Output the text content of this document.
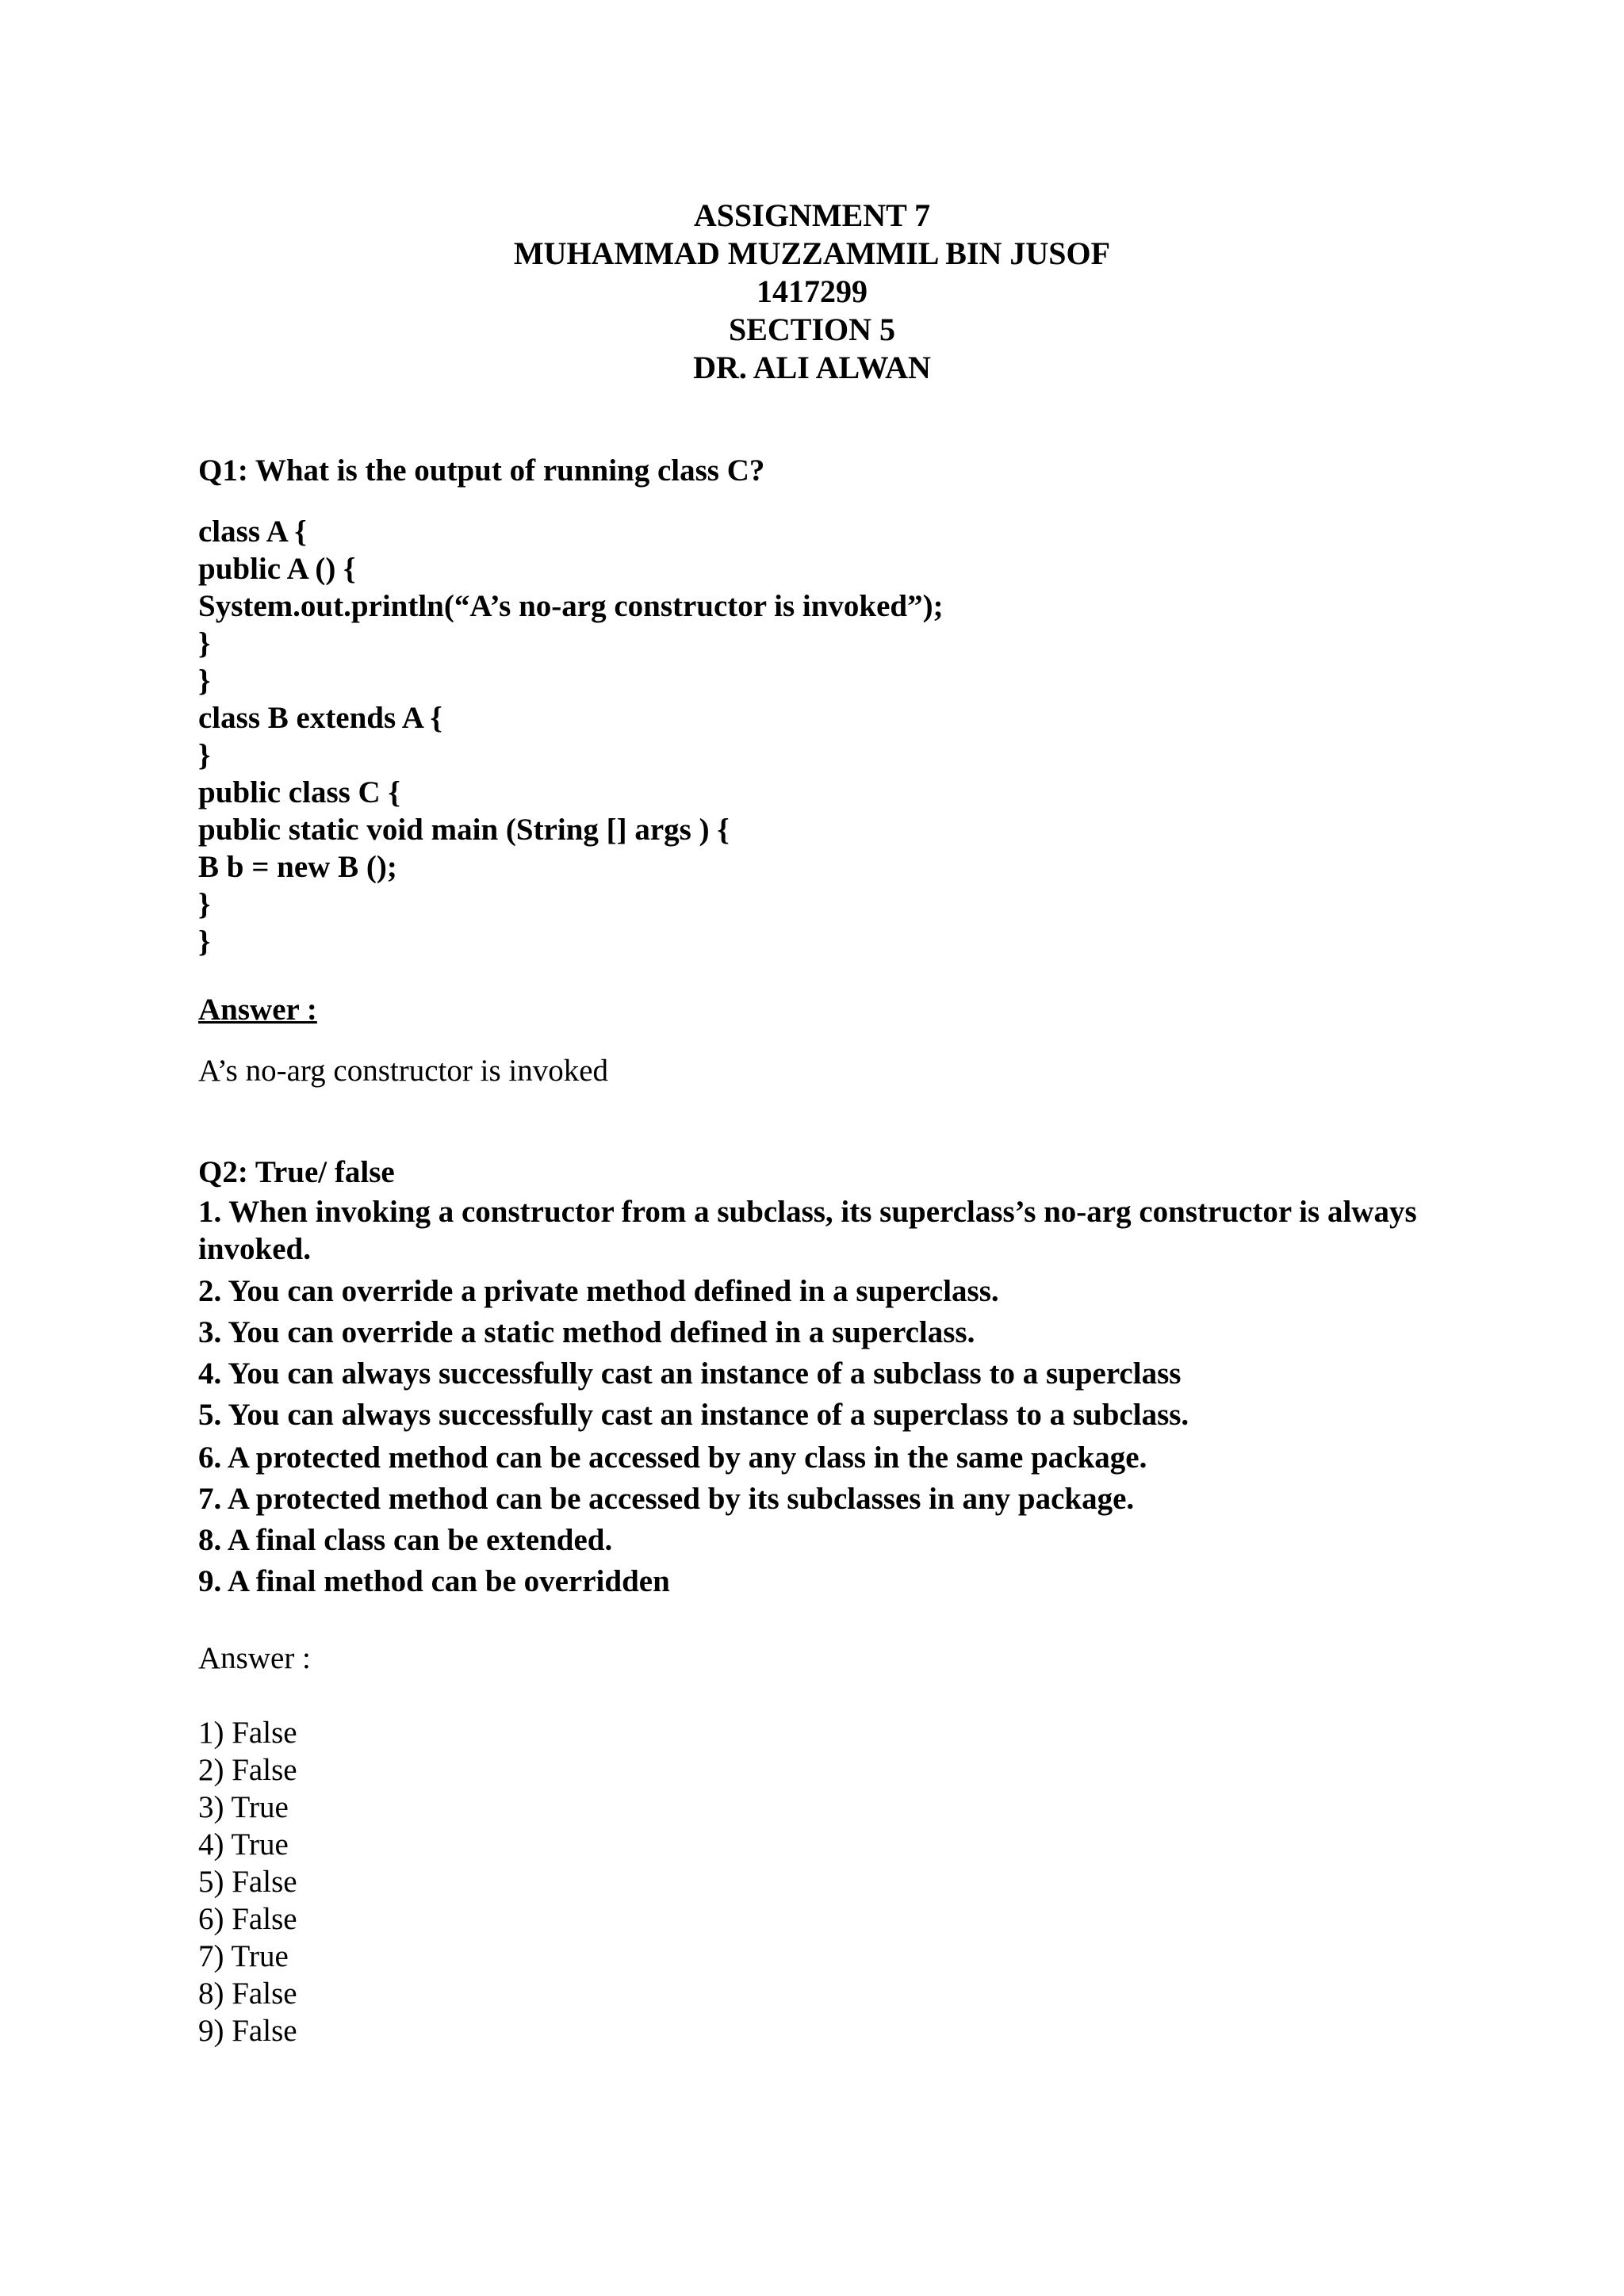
ASSIGNMENT 7
MUHAMMAD MUZZAMMIL BIN JUSOF
1417299
SECTION 5
DR. ALI ALWAN
Q1: What is the output of running class C?
class A {
public A () {
System.out.println(“A’s no-arg constructor is invoked”);
}
}
class B extends A {
}
public class C {
public static void main (String [] args ) {
B b = new B ();
}
}
Answer :
A’s no-arg constructor is invoked
Q2: True/ false
1. When invoking a constructor from a subclass, its superclass’s no-arg constructor is always invoked.
2. You can override a private method defined in a superclass.
3. You can override a static method defined in a superclass.
4. You can always successfully cast an instance of a subclass to a superclass
5. You can always successfully cast an instance of a superclass to a subclass.
6. A protected method can be accessed by any class in the same package.
7. A protected method can be accessed by its subclasses in any package.
8. A final class can be extended.
9. A final method can be overridden
Answer :
1) False
2) False
3) True
4) True
5) False
6) False
7) True
8) False
9) False
